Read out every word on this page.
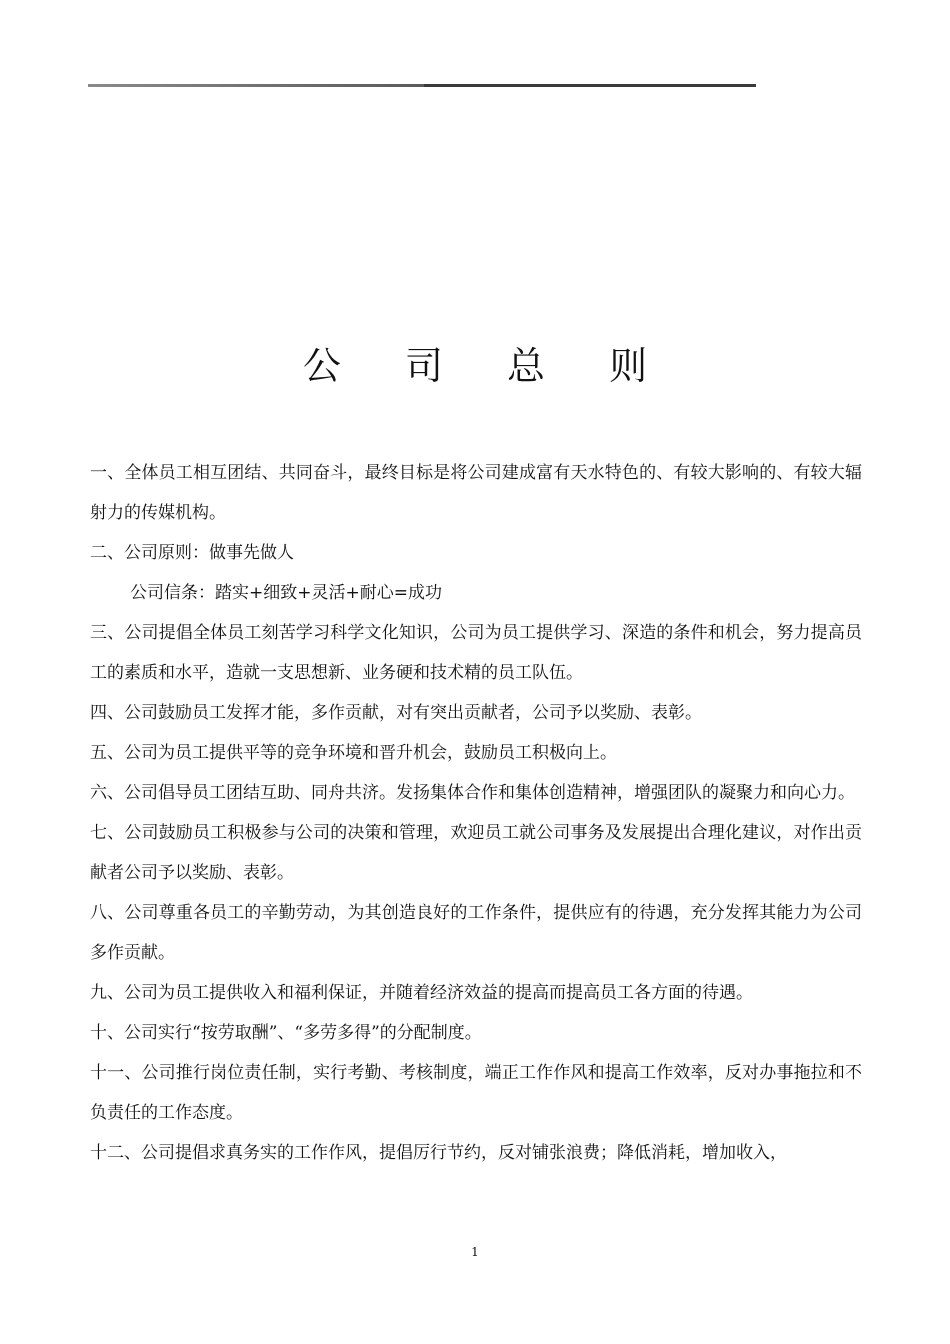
公 司 总 则

一、全体员工相互团结、共同奋斗，最终目标是将公司建成富有天水特色的、有较大影响的、有较大辐射力的传媒机构。

二、公司原则：做事先做人

公司信条：踏实+细致+灵活+耐心=成功

三、公司提倡全体员工刻苦学习科学文化知识，公司为员工提供学习、深造的条件和机会，努力提高员工的素质和水平，造就一支思想新、业务硬和技术精的员工队伍。

四、公司鼓励员工发挥才能，多作贡献，对有突出贡献者，公司予以奖励、表彰。

五、公司为员工提供平等的竞争环境和晋升机会，鼓励员工积极向上。

六、公司倡导员工团结互助、同舟共济。发扬集体合作和集体创造精神，增强团队的凝聚力和向心力。

七、公司鼓励员工积极参与公司的决策和管理，欢迎员工就公司事务及发展提出合理化建议，对作出贡献者公司予以奖励、表彰。

八、公司尊重各员工的辛勤劳动，为其创造良好的工作条件，提供应有的待遇，充分发挥其能力为公司多作贡献。

九、公司为员工提供收入和福利保证，并随着经济效益的提高而提高员工各方面的待遇。

十、公司实行“按劳取酬”、“多劳多得”的分配制度。

十一、公司推行岗位责任制，实行考勤、考核制度，端正工作作风和提高工作效率，反对办事拖拉和不负责任的工作态度。

十二、公司提倡求真务实的工作作风，提倡厉行节约，反对铺张浪费；降低消耗，增加收入，

1
